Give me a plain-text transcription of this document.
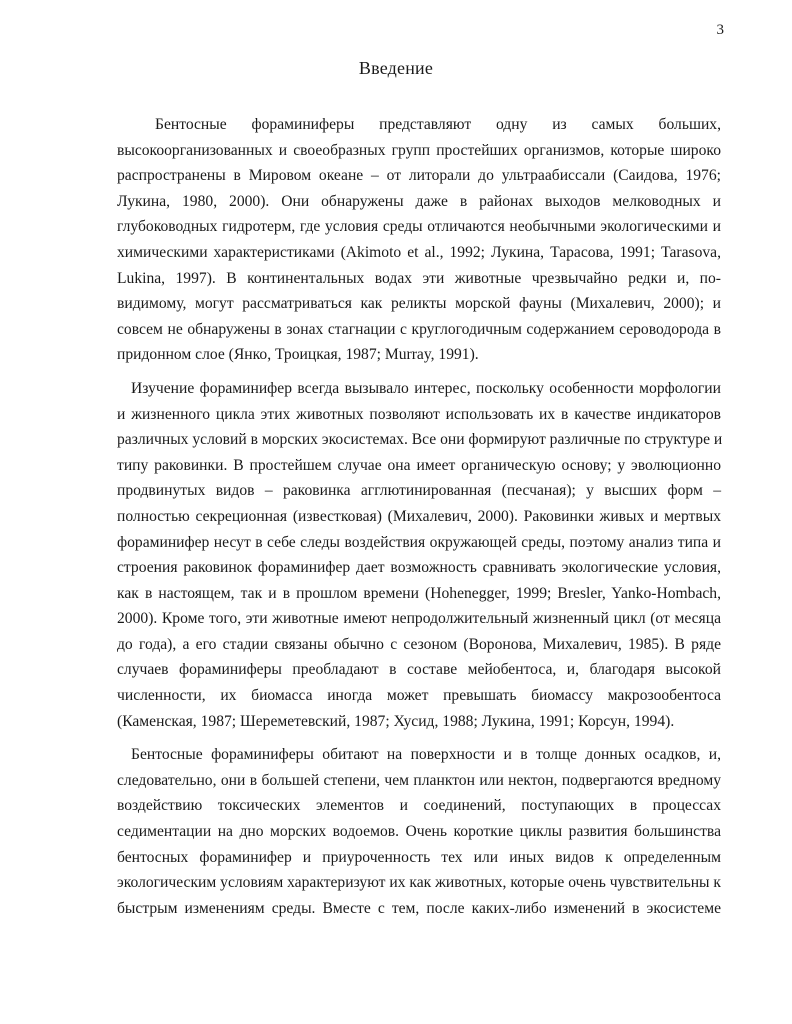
3
Введение
Бентосные фораминиферы представляют одну из самых больших,
высокоорганизованных и своеобразных групп простейших организмов, которые широко
распространены в Мировом океане – от литорали до ультраабиссали (Саидова, 1976;
Лукина, 1980, 2000). Они обнаружены даже в районах выходов мелководных и
глубоководных гидротерм, где условия среды отличаются необычными экологическими и
химическими характеристиками (Akimoto et al., 1992; Лукина, Тарасова, 1991; Tarasova,
Lukina, 1997). В континентальных водах эти животные чрезвычайно редки и, по-
видимому, могут рассматриваться как реликты морской фауны (Михалевич, 2000); и
совсем не обнаружены в зонах стагнации с круглогодичным содержанием сероводорода в
придонном слое (Янко, Троицкая, 1987; Murray, 1991).
Изучение фораминифер всегда вызывало интерес, поскольку особенности морфологии
и жизненного цикла этих животных позволяют использовать их в качестве индикаторов
различных условий в морских экосистемах. Все они формируют различные по структуре и
типу раковинки. В простейшем случае она имеет органическую основу; у эволюционно
продвинутых видов – раковинка агглютинированная (песчаная); у высших форм –
полностью секреционная (известковая) (Михалевич, 2000). Раковинки живых и мертвых
фораминифер несут в себе следы воздействия окружающей среды, поэтому анализ типа и
строения раковинок фораминифер дает возможность сравнивать экологические условия,
как в настоящем, так и в прошлом времени (Hohenegger, 1999; Bresler, Yanko-Hombach,
2000). Кроме того, эти животные имеют непродолжительный жизненный цикл (от месяца
до года), а его стадии связаны обычно с сезоном (Воронова, Михалевич, 1985). В ряде
случаев фораминиферы преобладают в составе мейобентоса, и, благодаря высокой
численности, их биомасса иногда может превышать биомассу макрозообентоса
(Каменская, 1987; Шереметевский, 1987; Хусид, 1988; Лукина, 1991; Корсун, 1994).
Бентосные фораминиферы обитают на поверхности и в толще донных осадков, и,
следовательно, они в большей степени, чем планктон или нектон, подвергаются вредному
воздействию токсических элементов и соединений, поступающих в процессах
седиментации на дно морских водоемов. Очень короткие циклы развития большинства
бентосных фораминифер и приуроченность тех или иных видов к определенным
экологическим условиям характеризуют их как животных, которые очень чувствительны к
быстрым изменениям среды. Вместе с тем, после каких-либо изменений в экосистеме
